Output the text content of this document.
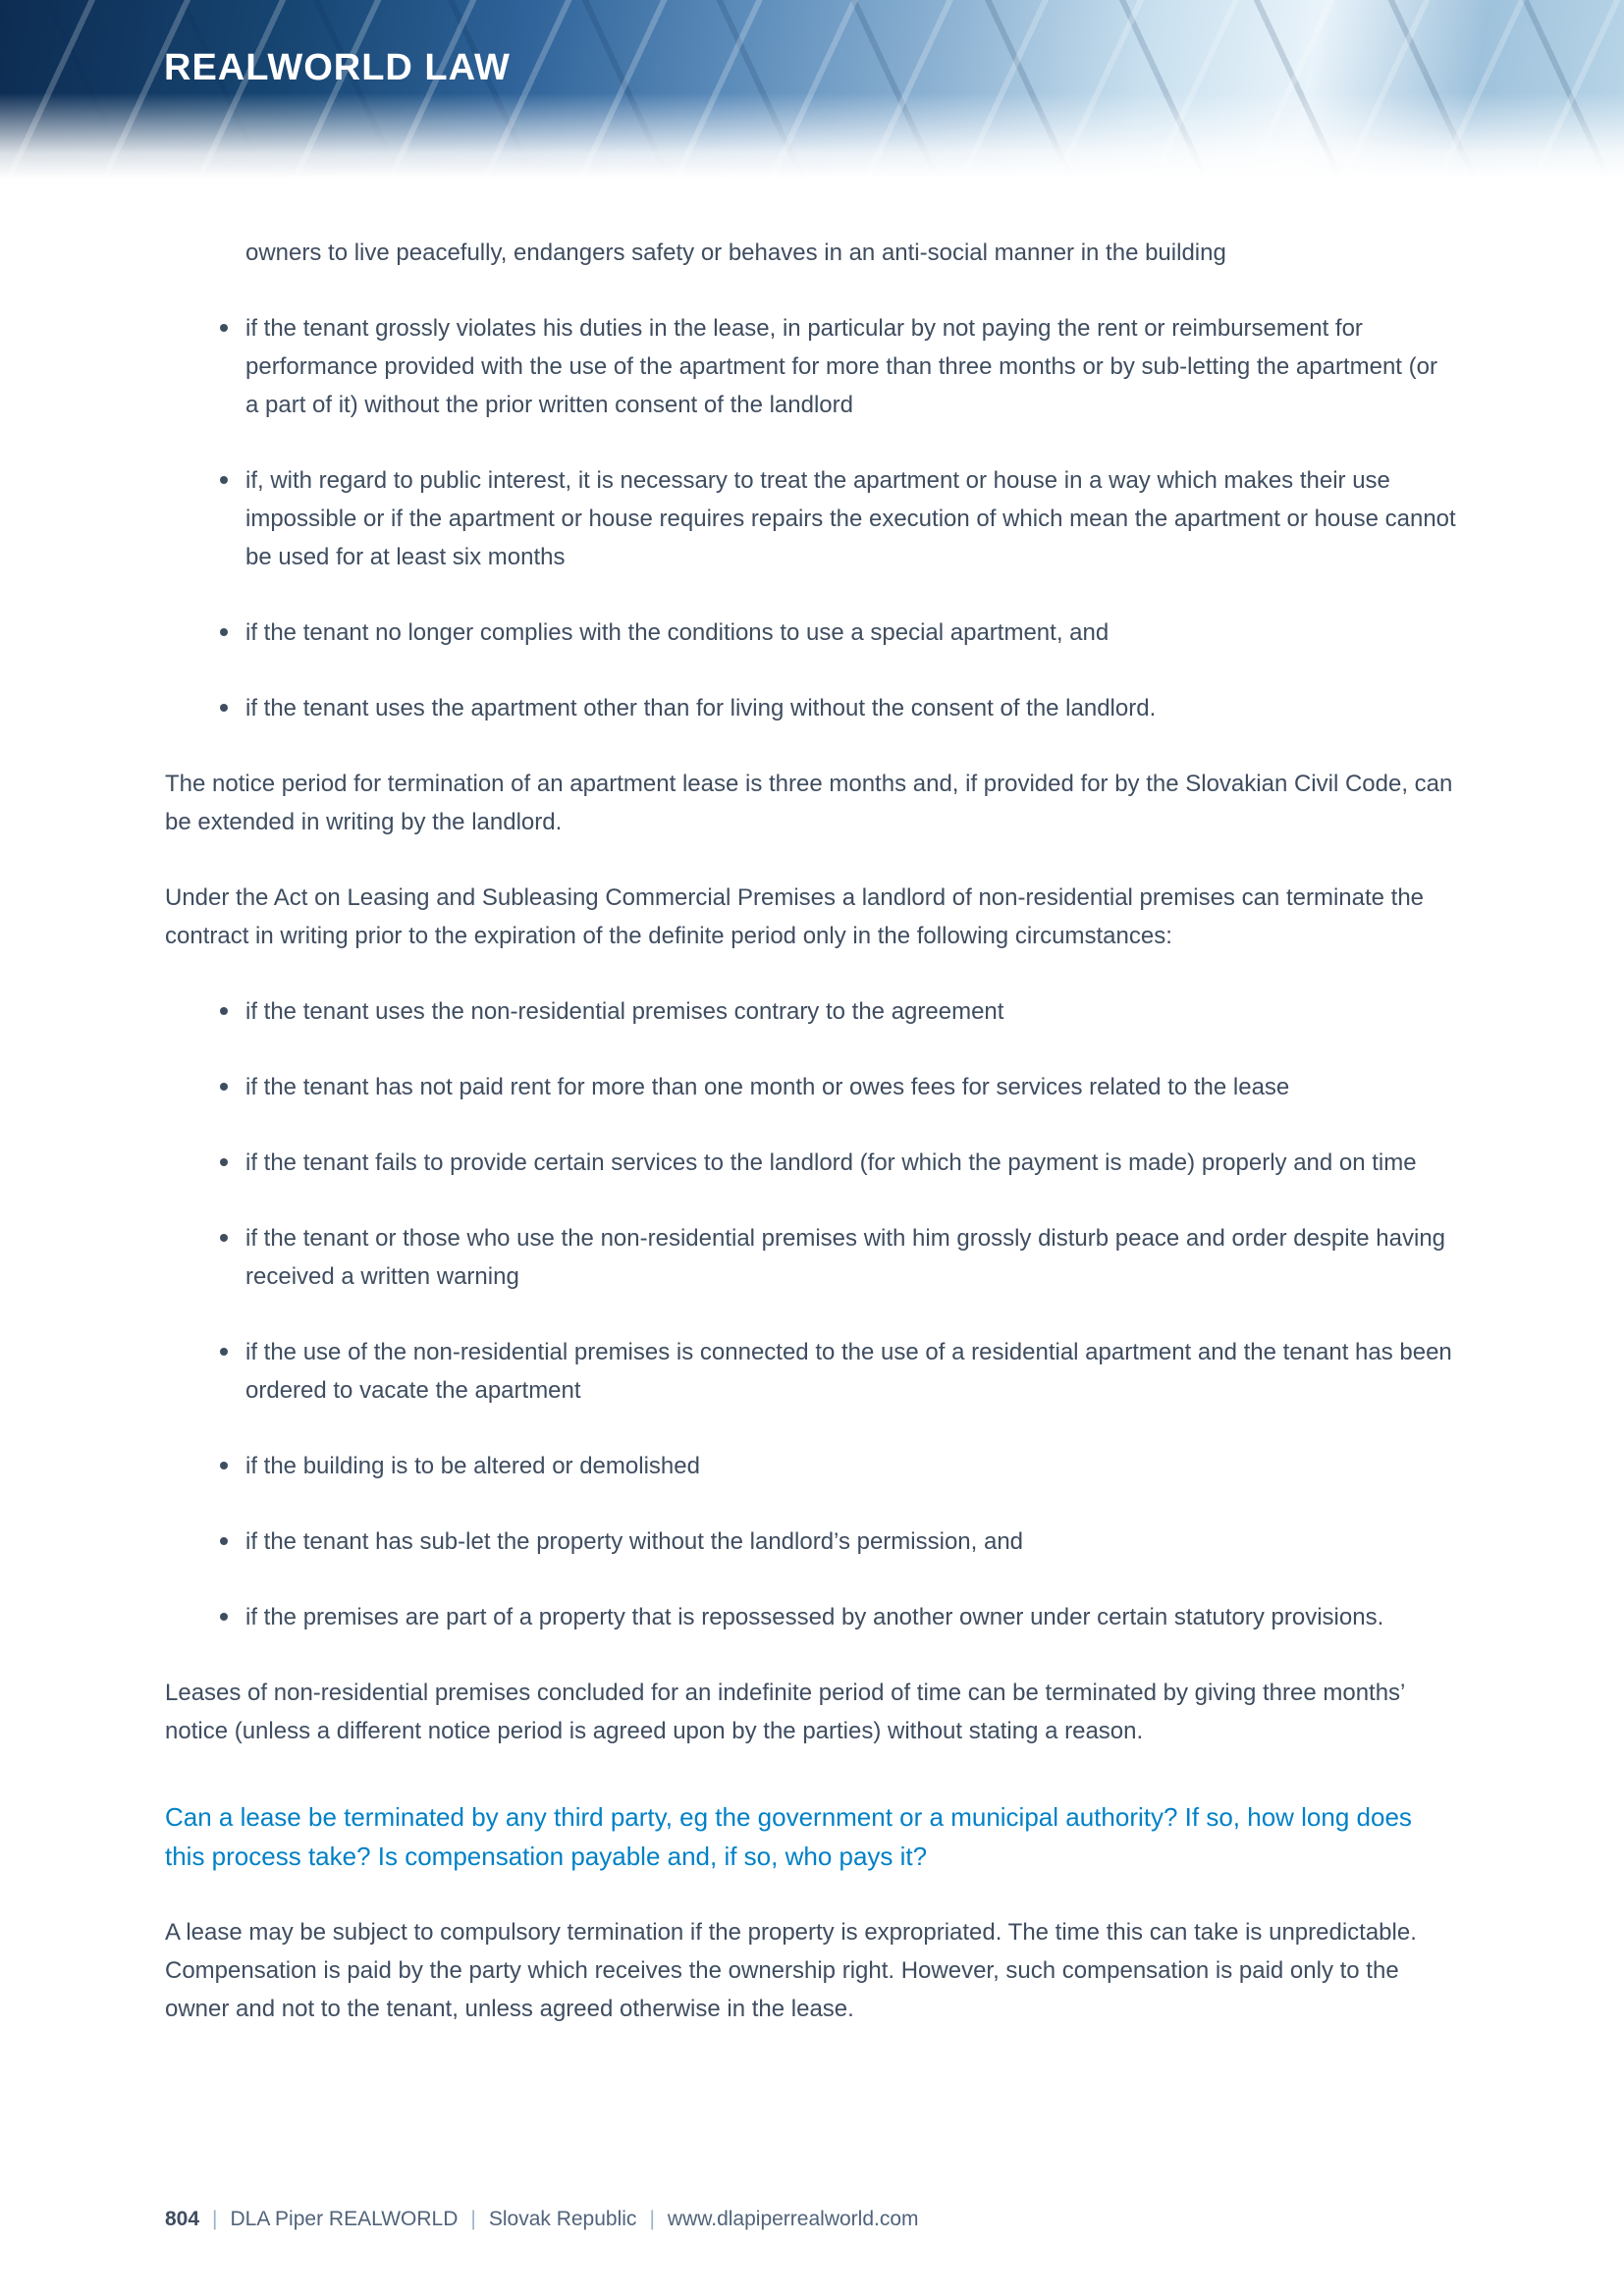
REALWORLD LAW

owners to live peacefully, endangers safety or behaves in an anti-social manner in the building

if the tenant grossly violates his duties in the lease, in particular by not paying the rent or reimbursement for performance provided with the use of the apartment for more than three months or by sub-letting the apartment (or a part of it) without the prior written consent of the landlord
if, with regard to public interest, it is necessary to treat the apartment or house in a way which makes their use impossible or if the apartment or house requires repairs the execution of which mean the apartment or house cannot be used for at least six months
if the tenant no longer complies with the conditions to use a special apartment, and
if the tenant uses the apartment other than for living without the consent of the landlord.

The notice period for termination of an apartment lease is three months and, if provided for by the Slovakian Civil Code, can be extended in writing by the landlord.

Under the Act on Leasing and Subleasing Commercial Premises a landlord of non-residential premises can terminate the contract in writing prior to the expiration of the definite period only in the following circumstances:

if the tenant uses the non-residential premises contrary to the agreement
if the tenant has not paid rent for more than one month or owes fees for services related to the lease
if the tenant fails to provide certain services to the landlord (for which the payment is made) properly and on time
if the tenant or those who use the non-residential premises with him grossly disturb peace and order despite having received a written warning
if the use of the non-residential premises is connected to the use of a residential apartment and the tenant has been ordered to vacate the apartment
if the building is to be altered or demolished
if the tenant has sub-let the property without the landlord’s permission, and
if the premises are part of a property that is repossessed by another owner under certain statutory provisions.

Leases of non-residential premises concluded for an indefinite period of time can be terminated by giving three months’ notice (unless a different notice period is agreed upon by the parties) without stating a reason.

Can a lease be terminated by any third party, eg the government or a municipal authority? If so, how long does this process take? Is compensation payable and, if so, who pays it?

A lease may be subject to compulsory termination if the property is expropriated. The time this can take is unpredictable. Compensation is paid by the party which receives the ownership right. However, such compensation is paid only to the owner and not to the tenant, unless agreed otherwise in the lease.

804 | DLA Piper REALWORLD | Slovak Republic | www.dlapiperrealworld.com
